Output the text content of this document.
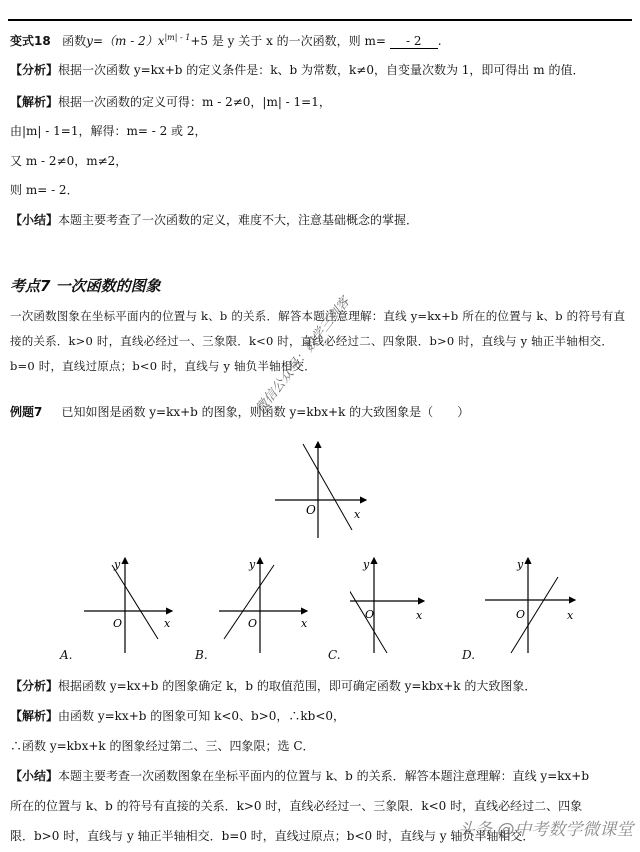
变式18 函数$y=(m - 2)x^{|m| - 1}+5$ 是 y 关于 x 的一次函数，则 m= - 2 .
【分析】根据一次函数 y=kx+b 的定义条件是：k、b 为常数，k≠0，自变量次数为 1，即可得出 m 的值．
【解析】根据一次函数的定义可得：m - 2≠0，|m| - 1=1，
由|m| - 1=1，解得：m= - 2 或 2，
又 m - 2≠0，m≠2，
则 m= - 2．
【小结】本题主要考查了一次函数的定义，难度不大，注意基础概念的掌握．
考点7 一次函数的图象
一次函数图象在坐标平面内的位置与 k、b 的关系．解答本题注意理解：直线 y=kx+b 所在的位置与 k、b 的符号有直接的关系．k>0 时，直线必经过一、三象限．k<0 时，直线必经过二、四象限．b>0 时，直线与 y 轴正半轴相交．b=0 时，直线过原点；b<0 时，直线与 y 轴负半轴相交．
例题7 已知如图是函数 y=kx+b 的图象，则函数 y=kbx+k 的大致图象是（　　）
O	x
y
O	x
A.
y
O	x
B.
y
O	x
C.
y
O	x
D.
【分析】根据函数 y=kx+b 的图象确定 k，b 的取值范围，即可确定函数 y=kbx+k 的大致图象．
【解析】由函数 y=kx+b 的图象可知 k<0、b>0，∴kb<0，
∴函数 y=kbx+k 的图象经过第二、三、四象限；选 C．
【小结】本题主要考查一次函数图象在坐标平面内的位置与 k、b 的关系．解答本题注意理解：直线 y=kx+b
所在的位置与 k、b 的符号有直接的关系．k>0 时，直线必经过一、三象限．k<0 时，直线必经过二、四象
限．b>0 时，直线与 y 轴正半轴相交．b=0 时，直线过原点；b<0 时，直线与 y 轴负半轴相交．
微信公众号：数学三剑客
头条 @中考数学微课堂
